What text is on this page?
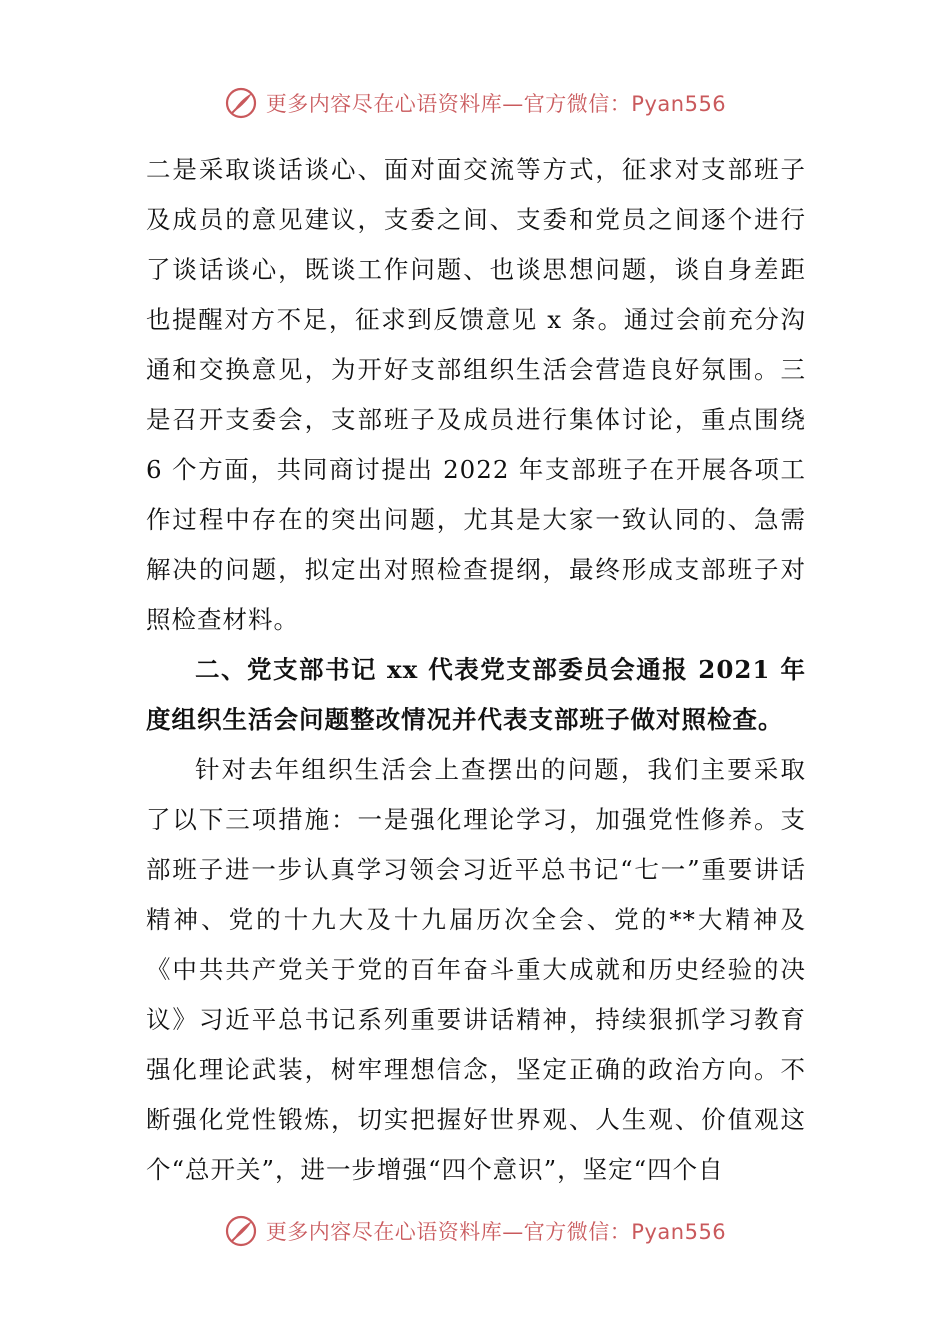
更多内容尽在心语资料库—官方微信：Pyan556

二是采取谈话谈心、面对面交流等方式，征求对支部班子及成员的意见建议，支委之间、支委和党员之间逐个进行了谈话谈心，既谈工作问题、也谈思想问题，谈自身差距也提醒对方不足，征求到反馈意见 x 条。通过会前充分沟通和交换意见，为开好支部组织生活会营造良好氛围。三是召开支委会，支部班子及成员进行集体讨论，重点围绕 6 个方面，共同商讨提出 2022 年支部班子在开展各项工作过程中存在的突出问题，尤其是大家一致认同的、急需解决的问题，拟定出对照检查提纲，最终形成支部班子对照检查材料。

二、党支部书记 xx 代表党支部委员会通报 2021 年度组织生活会问题整改情况并代表支部班子做对照检查。

针对去年组织生活会上查摆出的问题，我们主要采取了以下三项措施：一是强化理论学习，加强党性修养。支部班子进一步认真学习领会习近平总书记“七一”重要讲话精神、党的十九大及十九届历次全会、党的**大精神及《中共共产党关于党的百年奋斗重大成就和历史经验的决议》习近平总书记系列重要讲话精神，持续狠抓学习教育强化理论武装，树牢理想信念，坚定正确的政治方向。不断强化党性锻炼，切实把握好世界观、人生观、价值观这个“总开关”，进一步增强“四个意识”，坚定“四个自

更多内容尽在心语资料库—官方微信：Pyan556
